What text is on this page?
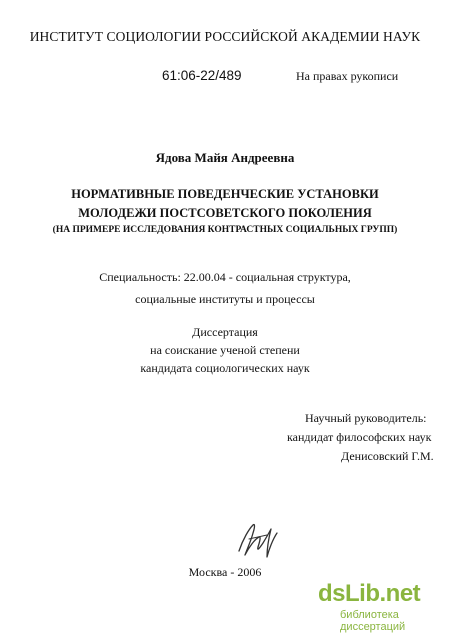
ИНСТИТУТ СОЦИОЛОГИИ РОССИЙСКОЙ АКАДЕМИИ НАУК
61:06-22/489	На правах рукописи
Ядова Майя Андреевна
НОРМАТИВНЫЕ ПОВЕДЕНЧЕСКИЕ УСТАНОВКИ
МОЛОДЕЖИ ПОСТСОВЕТСКОГО ПОКОЛЕНИЯ
(НА ПРИМЕРЕ ИССЛЕДОВАНИЯ КОНТРАСТНЫХ СОЦИАЛЬНЫХ ГРУПП)
Специальность: 22.00.04 - социальная структура,
социальные институты и процессы
Диссертация
на соискание ученой степени
кандидата социологических наук
Научный руководитель:
кандидат философских наук
Денисовский Г.М.
Москва - 2006
dsLib.net
библиотека диссертаций
